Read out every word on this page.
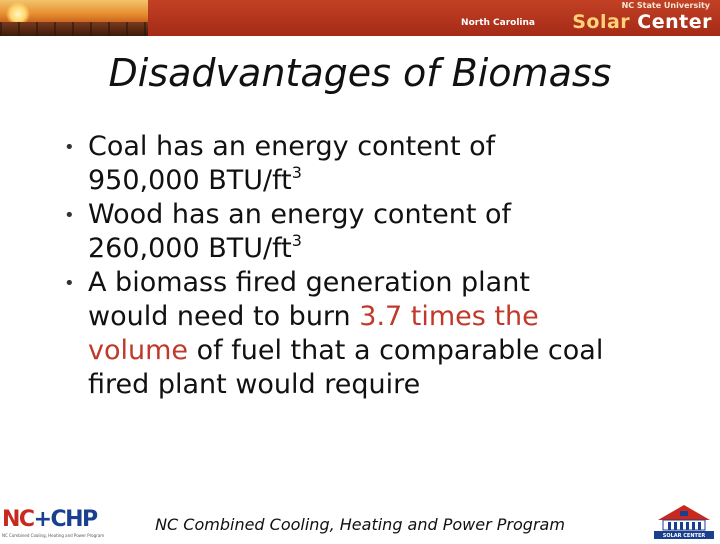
NC State University
North Carolina Solar Center
Disadvantages of Biomass
• Coal has an energy content of
950,000 BTU/$ft^3$
• Wood has an energy content of
260,000 BTU/$ft^3$
• A biomass fired generation plant
would need to burn 3.7 times the volume of fuel that a comparable coal fired plant would require
NC+CHP
NC Combined Cooling, Heating and Power Program
NC Combined Cooling, Heating and Power Program
SOLAR CENTER
